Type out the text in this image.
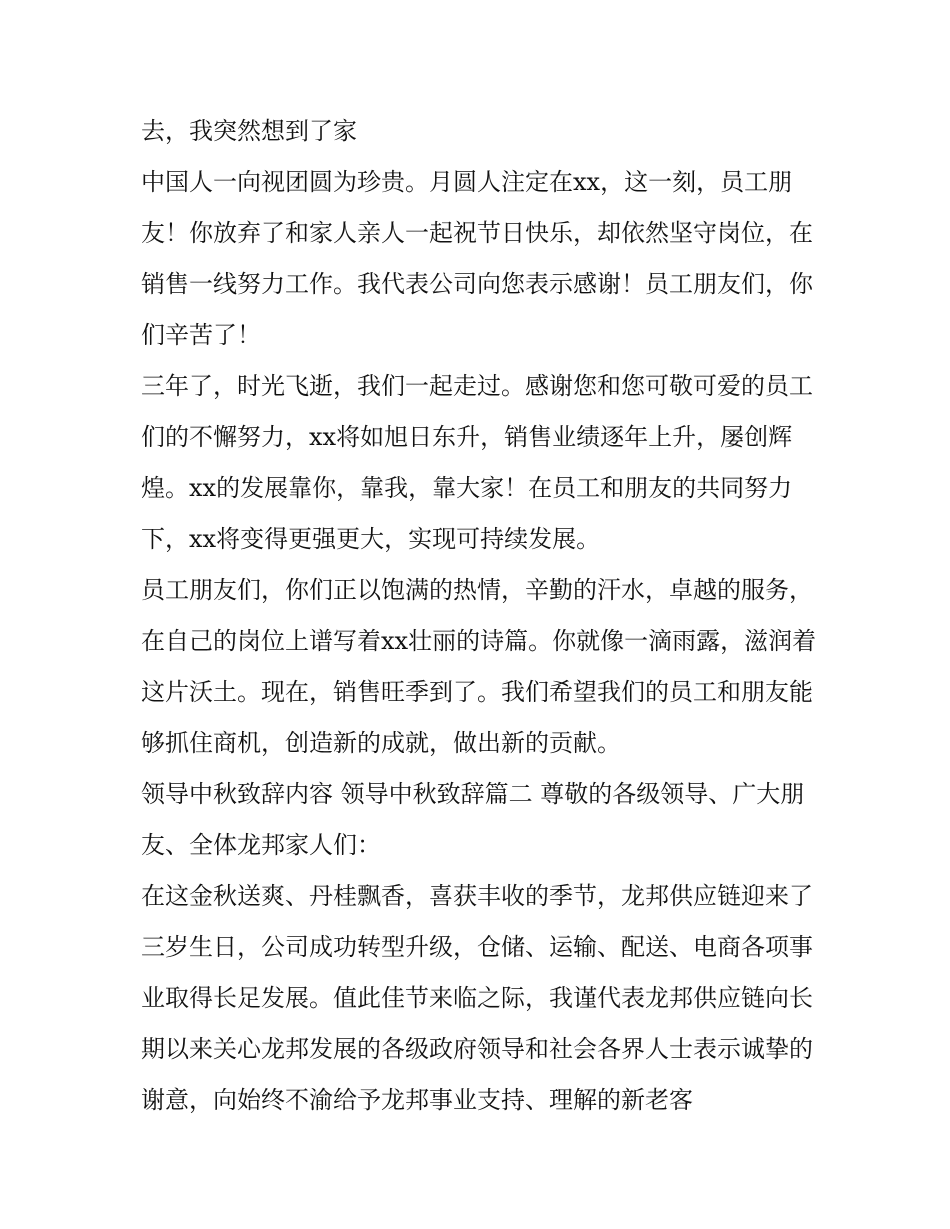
去，我突然想到了家

中国人一向视团圆为珍贵。月圆人注定在xx，这一刻，员工朋友！你放弃了和家人亲人一起祝节日快乐，却依然坚守岗位，在销售一线努力工作。我代表公司向您表示感谢！员工朋友们，你们辛苦了！

三年了，时光飞逝，我们一起走过。感谢您和您可敬可爱的员工们的不懈努力，xx将如旭日东升，销售业绩逐年上升，屡创辉煌。xx的发展靠你，靠我，靠大家！在员工和朋友的共同努力下，xx将变得更强更大，实现可持续发展。

员工朋友们，你们正以饱满的热情，辛勤的汗水，卓越的服务，在自己的岗位上谱写着xx壮丽的诗篇。你就像一滴雨露，滋润着这片沃土。现在，销售旺季到了。我们希望我们的员工和朋友能够抓住商机，创造新的成就，做出新的贡献。

领导中秋致辞内容 领导中秋致辞篇二 尊敬的各级领导、广大朋友、全体龙邦家人们：

在这金秋送爽、丹桂飘香，喜获丰收的季节，龙邦供应链迎来了三岁生日，公司成功转型升级，仓储、运输、配送、电商各项事业取得长足发展。值此佳节来临之际，我谨代表龙邦供应链向长期以来关心龙邦发展的各级政府领导和社会各界人士表示诚挚的谢意，向始终不渝给予龙邦事业支持、理解的新老客
